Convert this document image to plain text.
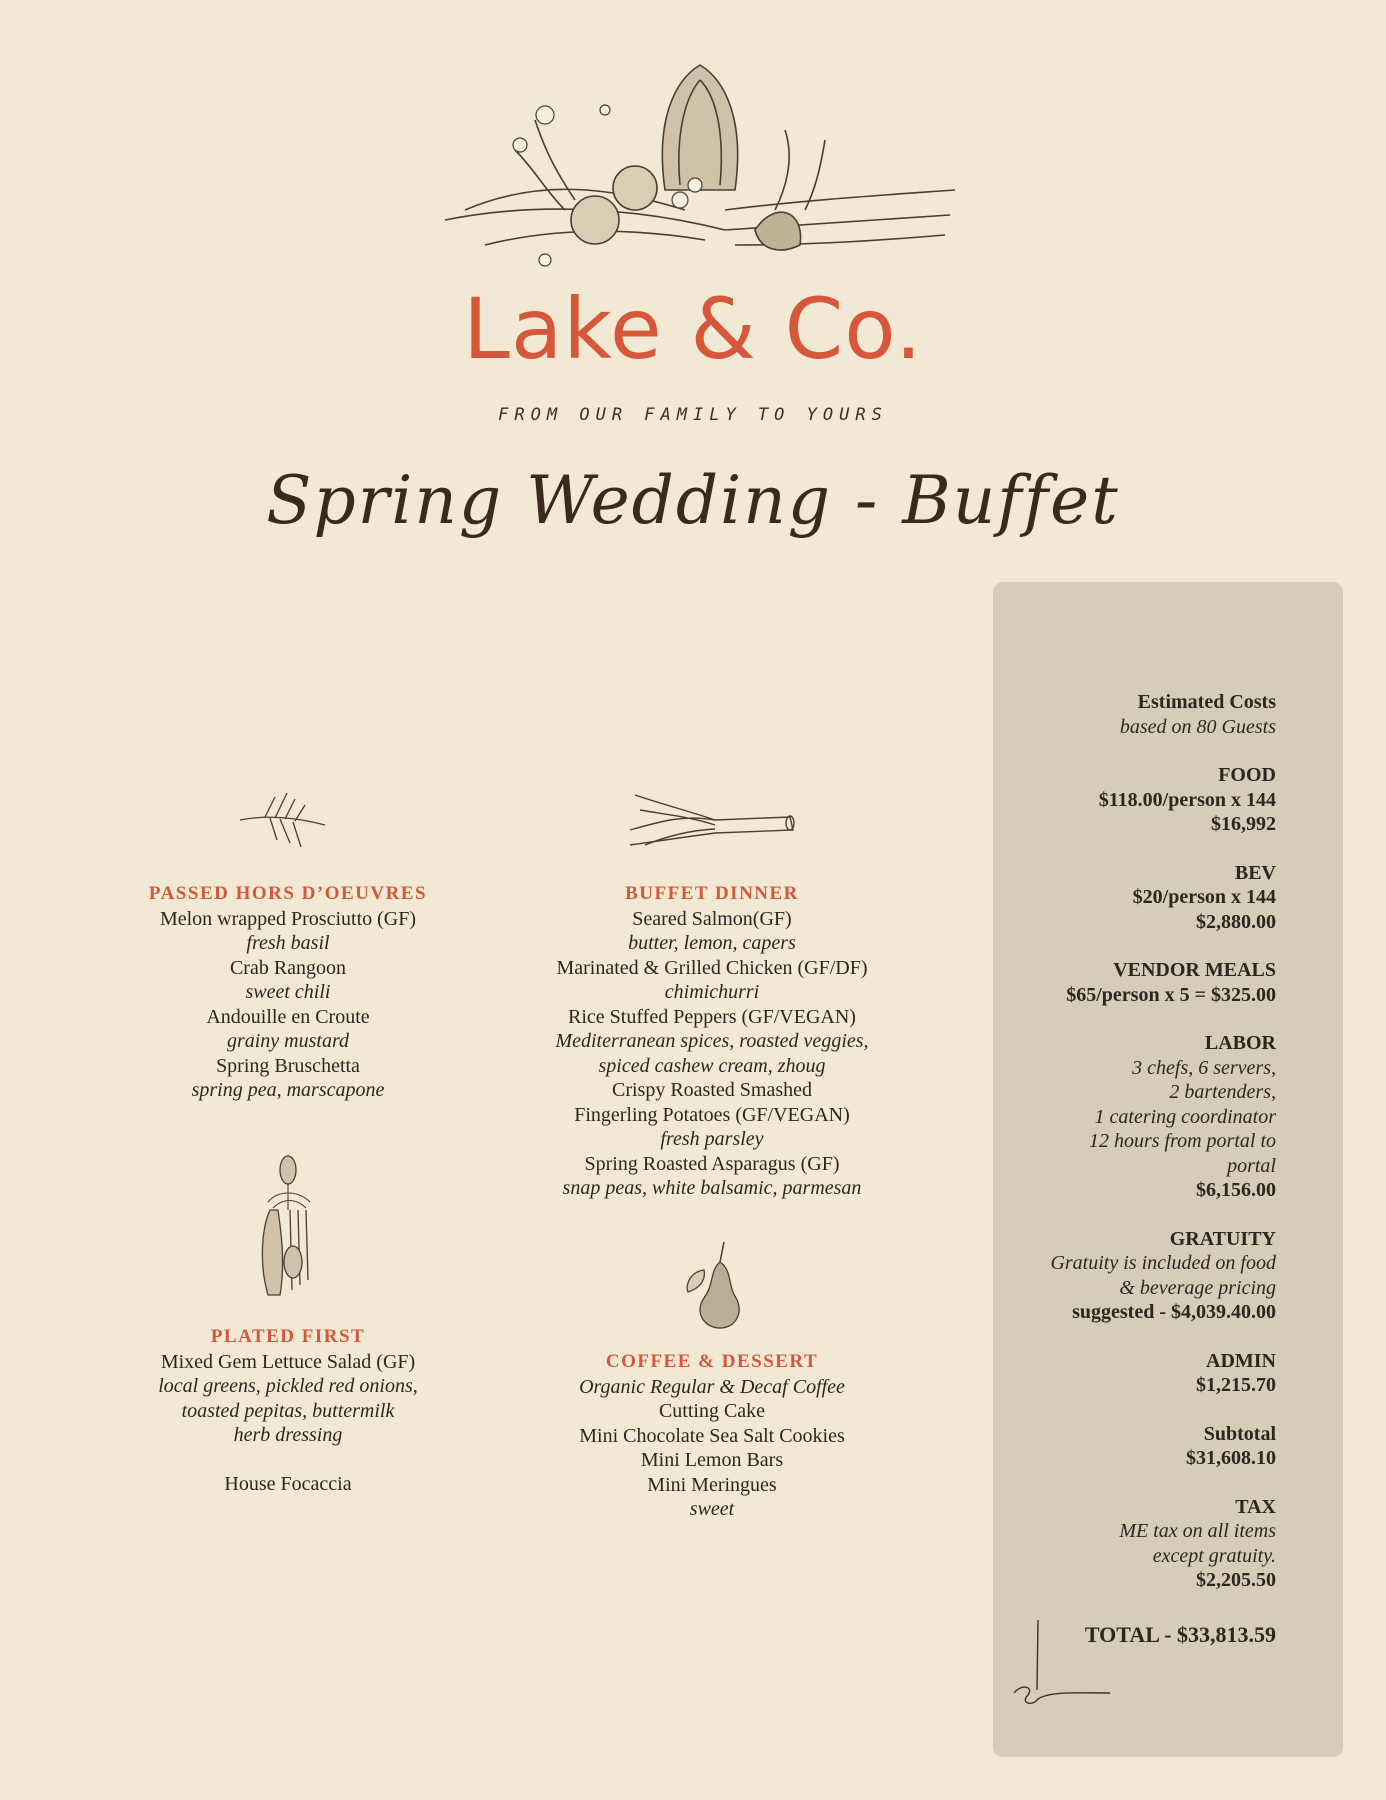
Lake & Co.
FROM OUR FAMILY TO YOURS
Spring Wedding - Buffet
PASSED HORS D’OEUVRES
Melon wrapped Prosciutto (GF)
fresh basil
Crab Rangoon
sweet chili
Andouille en Croute
grainy mustard
Spring Bruschetta
spring pea, marscapone
BUFFET DINNER
Seared Salmon(GF)
butter, lemon, capers
Marinated & Grilled Chicken (GF/DF)
chimichurri
Rice Stuffed Peppers (GF/VEGAN)
Mediterranean spices, roasted veggies,
spiced cashew cream, zhoug
Crispy Roasted Smashed
Fingerling Potatoes (GF/VEGAN)
fresh parsley
Spring Roasted Asparagus (GF)
snap peas, white balsamic, parmesan
PLATED FIRST
Mixed Gem Lettuce Salad (GF)
local greens, pickled red onions,
toasted pepitas, buttermilk
herb dressing

House Focaccia
COFFEE & DESSERT
Organic Regular & Decaf Coffee
Cutting Cake
Mini Chocolate Sea Salt Cookies
Mini Lemon Bars
Mini Meringues
sweet
Estimated Costs
based on 80 Guests
FOOD
$118.00/person x 144
$16,992
BEV
$20/person x 144
$2,880.00
VENDOR MEALS
$65/person x 5 = $325.00
LABOR
3 chefs, 6 servers,
2 bartenders,
1 catering coordinator
12 hours from portal to
portal
$6,156.00
GRATUITY
Gratuity is included on food
& beverage pricing
suggested - $4,039.40.00
ADMIN
$1,215.70
Subtotal
$31,608.10
TAX
ME tax on all items
except gratuity.
$2,205.50
TOTAL - $33,813.59
